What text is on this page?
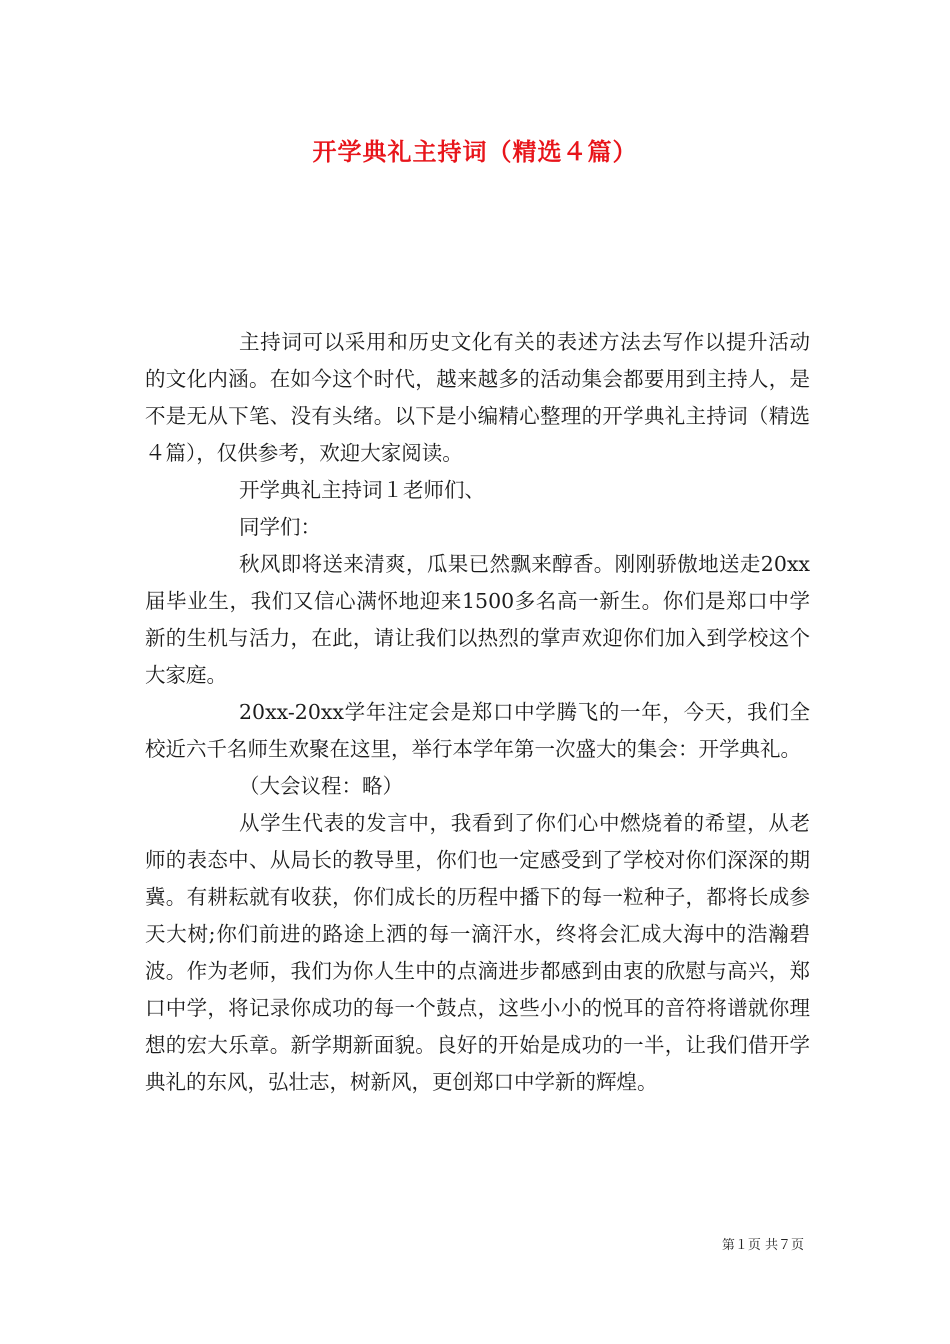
开学典礼主持词（精选４篇）

主持词可以采用和历史文化有关的表述方法去写作以提升活动的文化内涵。在如今这个时代，越来越多的活动集会都要用到主持人，是不是无从下笔、没有头绪。以下是小编精心整理的开学典礼主持词（精选４篇），仅供参考，欢迎大家阅读。

开学典礼主持词１老师们、

同学们：

秋风即将送来清爽，瓜果已然飘来醇香。刚刚骄傲地送走20xx届毕业生，我们又信心满怀地迎来1500多名高一新生。你们是郑口中学新的生机与活力，在此，请让我们以热烈的掌声欢迎你们加入到学校这个大家庭。

20xx-20xx学年注定会是郑口中学腾飞的一年，今天，我们全校近六千名师生欢聚在这里，举行本学年第一次盛大的集会：开学典礼。

（大会议程：略）

从学生代表的发言中，我看到了你们心中燃烧着的希望，从老师的表态中、从局长的教导里，你们也一定感受到了学校对你们深深的期冀。有耕耘就有收获，你们成长的历程中播下的每一粒种子，都将长成参天大树;你们前进的路途上洒的每一滴汗水，终将会汇成大海中的浩瀚碧波。作为老师，我们为你人生中的点滴进步都感到由衷的欣慰与高兴，郑口中学，将记录你成功的每一个鼓点，这些小小的悦耳的音符将谱就你理想的宏大乐章。新学期新面貌。良好的开始是成功的一半，让我们借开学典礼的东风，弘壮志，树新风，更创郑口中学新的辉煌。

第１页 共７页
